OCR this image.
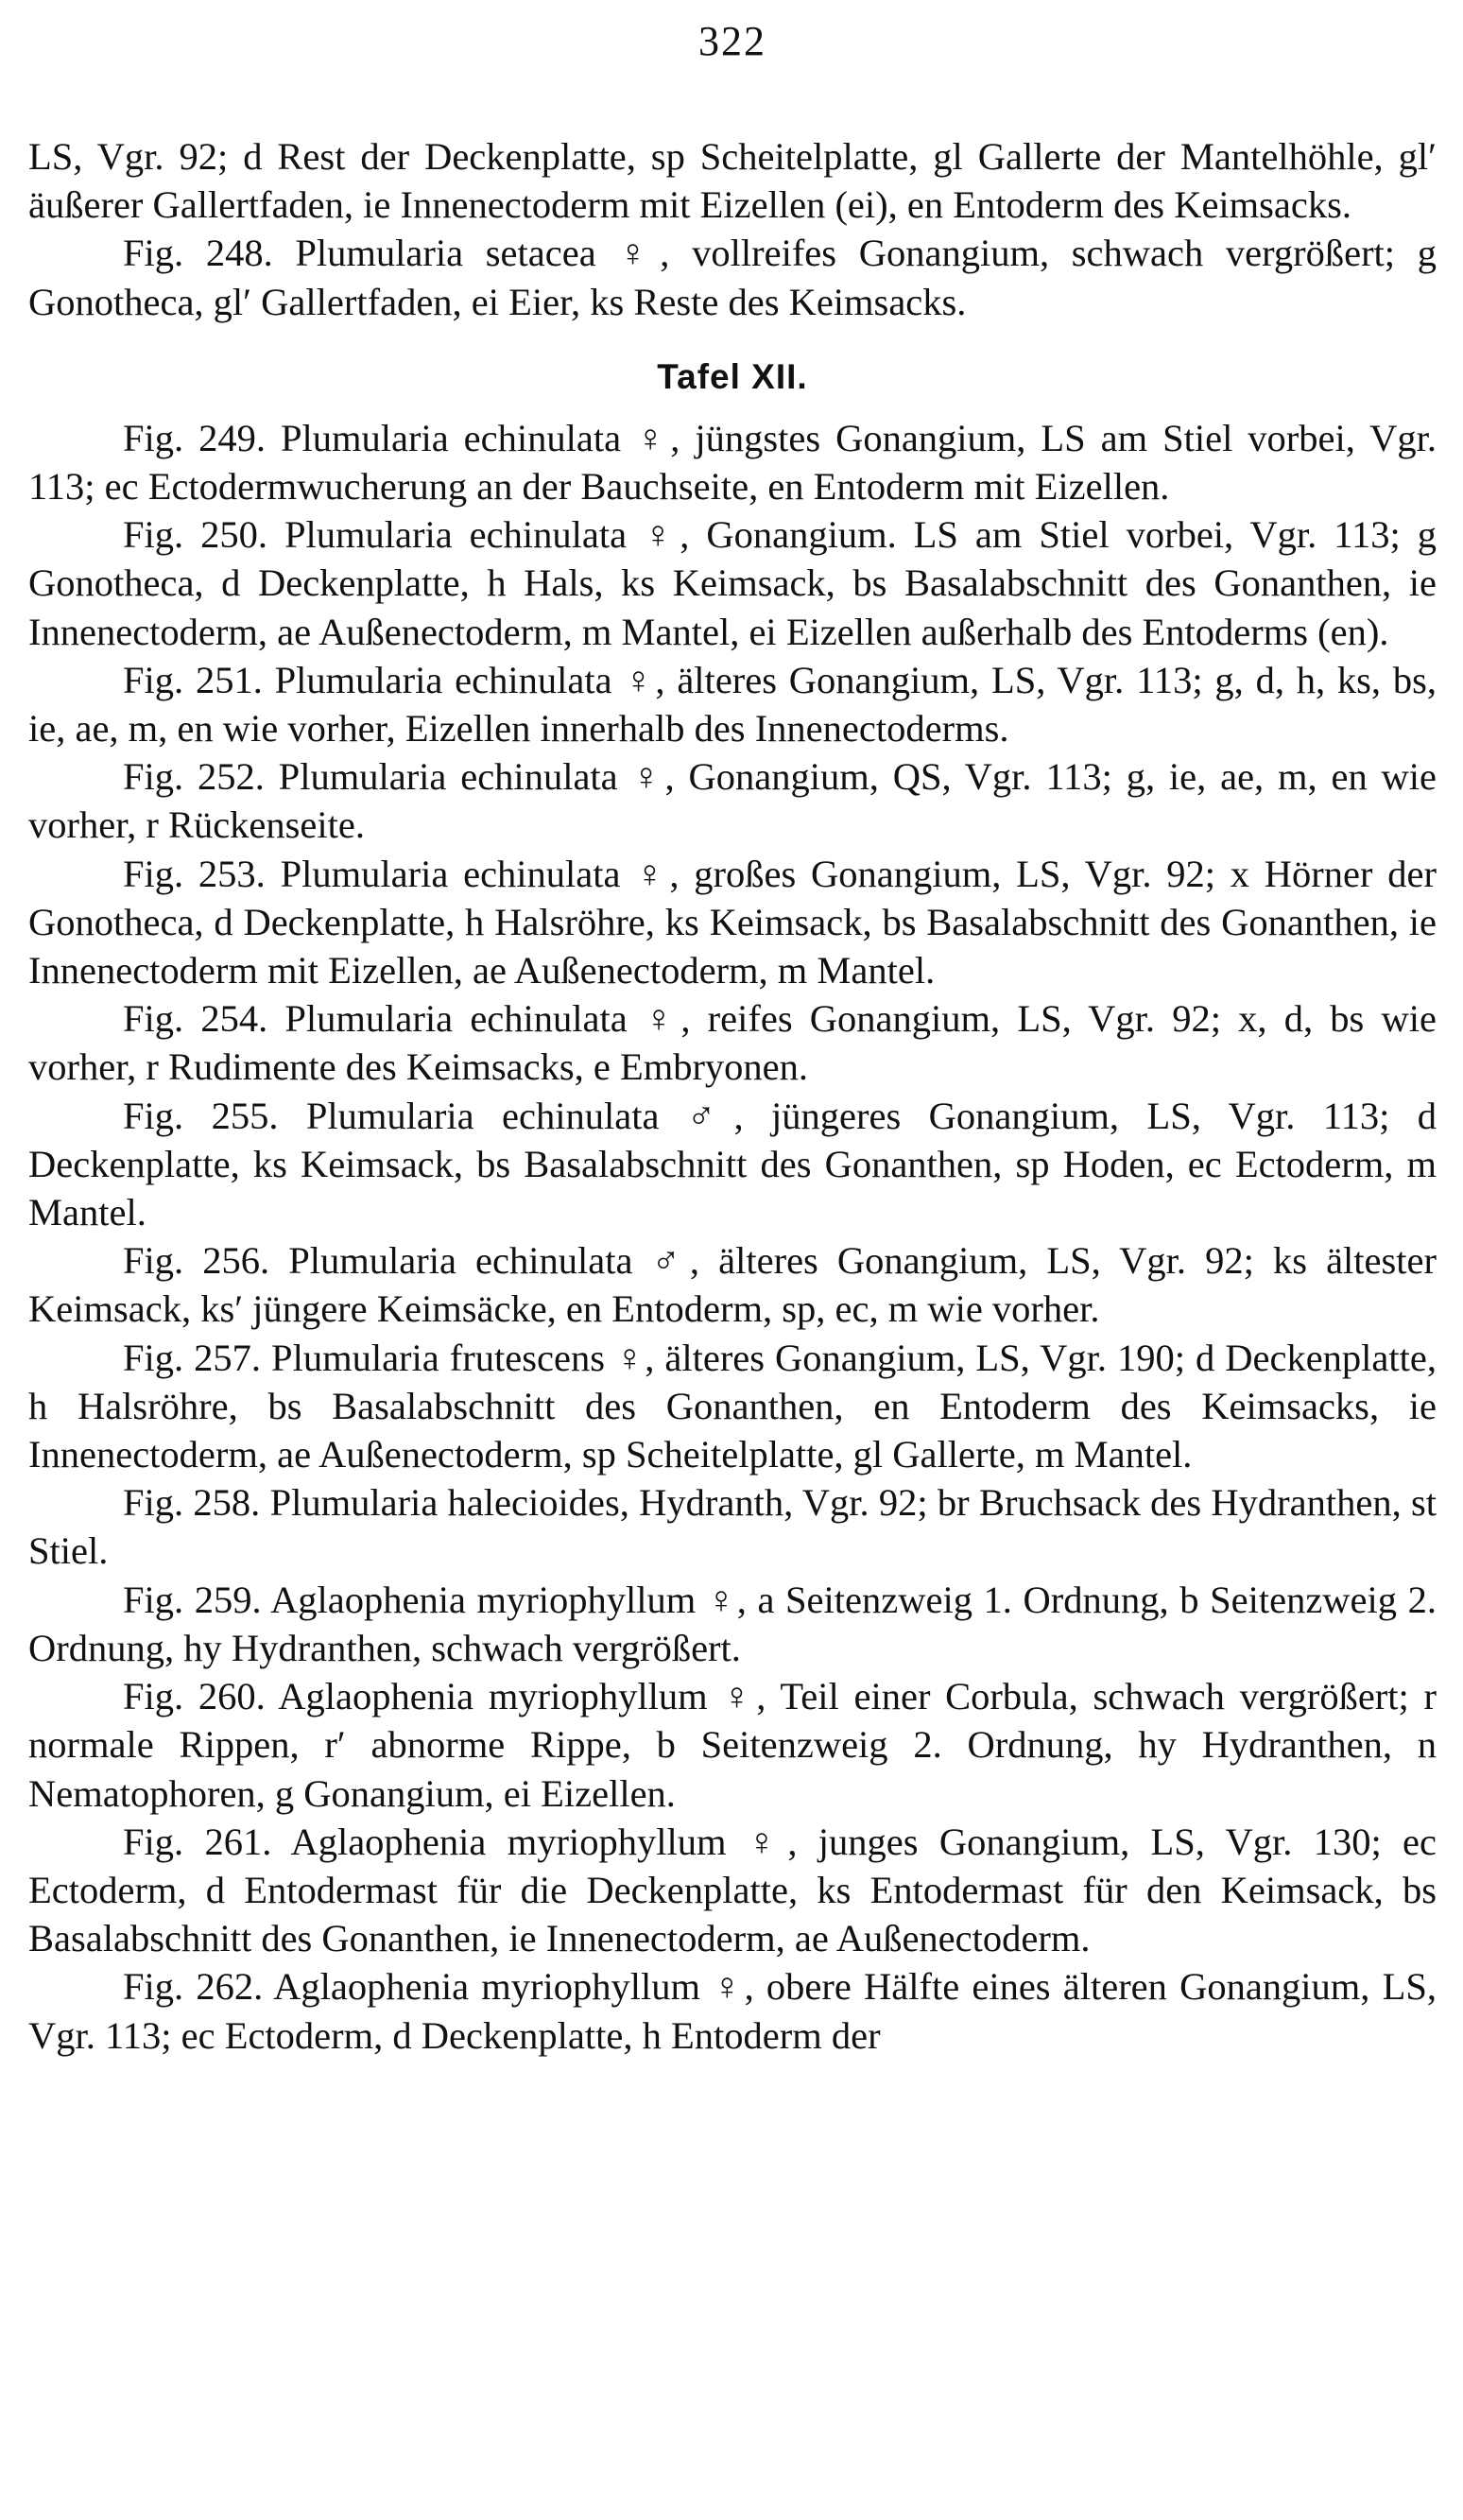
322

LS, Vgr. 92; d Rest der Deckenplatte, sp Scheitelplatte, gl Gallerte der Mantelhöhle, gl′ äußerer Gallertfaden, ie Innenectoderm mit Eizellen (ei), en Entoderm des Keimsacks.

Fig. 248. Plumularia setacea ♀, vollreifes Gonangium, schwach vergrößert; g Gonotheca, gl′ Gallertfaden, ei Eier, ks Reste des Keimsacks.

Tafel XII.

Fig. 249. Plumularia echinulata ♀, jüngstes Gonangium, LS am Stiel vorbei, Vgr. 113; ec Ectodermwucherung an der Bauchseite, en Entoderm mit Eizellen.

Fig. 250. Plumularia echinulata ♀, Gonangium. LS am Stiel vorbei, Vgr. 113; g Gonotheca, d Deckenplatte, h Hals, ks Keimsack, bs Basalabschnitt des Gonanthen, ie Innenectoderm, ae Außenectoderm, m Mantel, ei Eizellen außerhalb des Entoderms (en).

Fig. 251. Plumularia echinulata ♀, älteres Gonangium, LS, Vgr. 113; g, d, h, ks, bs, ie, ae, m, en wie vorher, Eizellen innerhalb des Innenectoderms.

Fig. 252. Plumularia echinulata ♀, Gonangium, QS, Vgr. 113; g, ie, ae, m, en wie vorher, r Rückenseite.

Fig. 253. Plumularia echinulata ♀, großes Gonangium, LS, Vgr. 92; x Hörner der Gonotheca, d Deckenplatte, h Halsröhre, ks Keimsack, bs Basalabschnitt des Gonanthen, ie Innenectoderm mit Eizellen, ae Außenectoderm, m Mantel.

Fig. 254. Plumularia echinulata ♀, reifes Gonangium, LS, Vgr. 92; x, d, bs wie vorher, r Rudimente des Keimsacks, e Embryonen.

Fig. 255. Plumularia echinulata ♂, jüngeres Gonangium, LS, Vgr. 113; d Deckenplatte, ks Keimsack, bs Basalabschnitt des Gonanthen, sp Hoden, ec Ectoderm, m Mantel.

Fig. 256. Plumularia echinulata ♂, älteres Gonangium, LS, Vgr. 92; ks ältester Keimsack, ks′ jüngere Keimsäcke, en Entoderm, sp, ec, m wie vorher.

Fig. 257. Plumularia frutescens ♀, älteres Gonangium, LS, Vgr. 190; d Deckenplatte, h Halsröhre, bs Basalabschnitt des Gonanthen, en Entoderm des Keimsacks, ie Innenectoderm, ae Außenectoderm, sp Scheitelplatte, gl Gallerte, m Mantel.

Fig. 258. Plumularia halecioides, Hydranth, Vgr. 92; br Bruchsack des Hydranthen, st Stiel.

Fig. 259. Aglaophenia myriophyllum ♀, a Seitenzweig 1. Ordnung, b Seitenzweig 2. Ordnung, hy Hydranthen, schwach vergrößert.

Fig. 260. Aglaophenia myriophyllum ♀, Teil einer Corbula, schwach vergrößert; r normale Rippen, r′ abnorme Rippe, b Seitenzweig 2. Ordnung, hy Hydranthen, n Nematophoren, g Gonangium, ei Eizellen.

Fig. 261. Aglaophenia myriophyllum ♀, junges Gonangium, LS, Vgr. 130; ec Ectoderm, d Entodermast für die Deckenplatte, ks Entodermast für den Keimsack, bs Basalabschnitt des Gonanthen, ie Innenectoderm, ae Außenectoderm.

Fig. 262. Aglaophenia myriophyllum ♀, obere Hälfte eines älteren Gonangium, LS, Vgr. 113; ec Ectoderm, d Deckenplatte, h Entoderm der
